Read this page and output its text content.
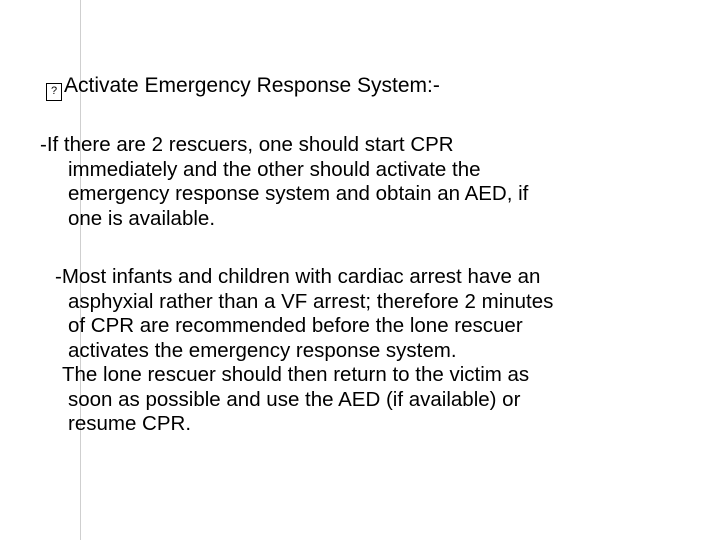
? Activate Emergency Response System:-
-If there are 2 rescuers, one should start CPR
immediately and the other should activate the
emergency response system and obtain an AED, if
one is available.
-Most infants and children with cardiac arrest have an
asphyxial rather than a VF arrest; therefore 2 minutes
of CPR are recommended before the lone rescuer
activates the emergency response system.
The lone rescuer should then return to the victim as
soon as possible and use the AED (if available) or
resume CPR.
